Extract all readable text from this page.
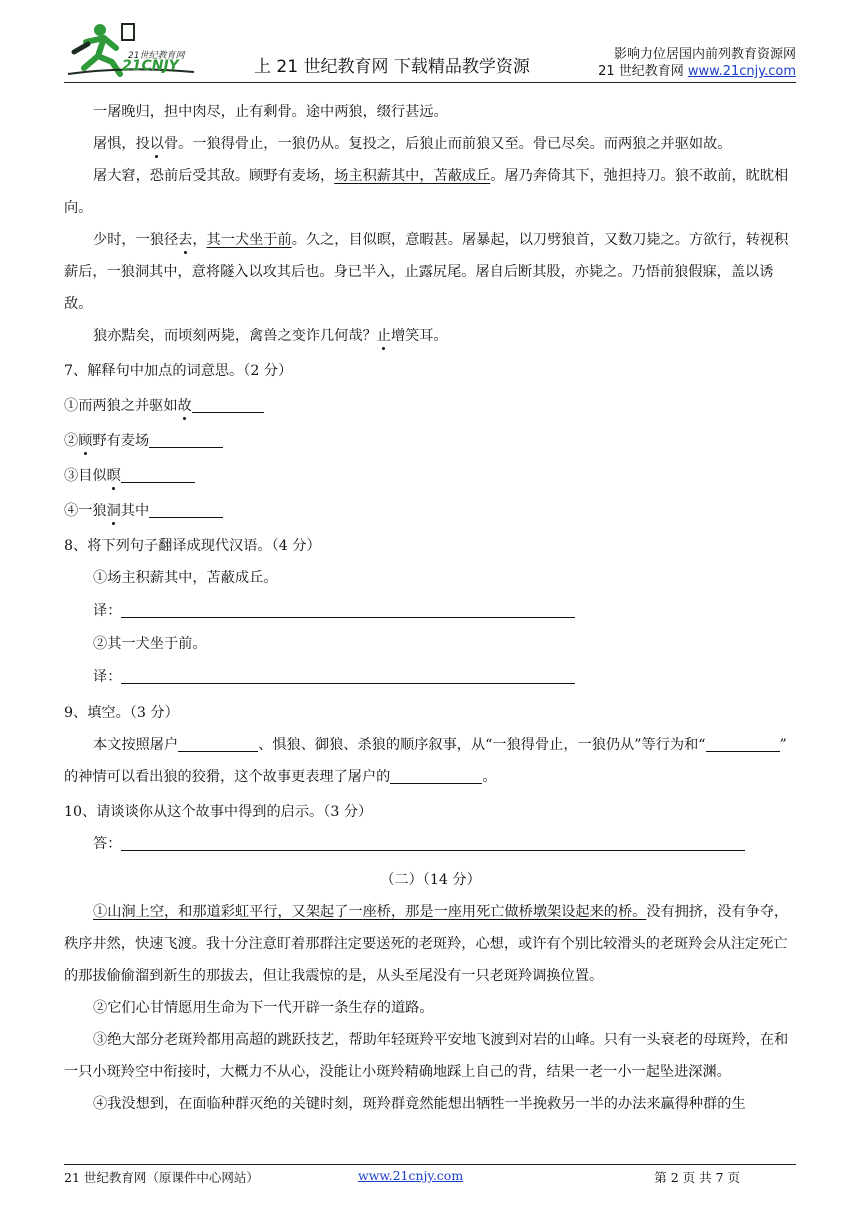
21世纪教育网
21CNJY	上 21 世纪教育网 下载精品教学资源
影响力位居国内前列教育资源网
21 世纪教育网 www.21cnjy.com
一屠晚归，担中肉尽，止有剩骨。途中两狼，缀行甚远。
屠惧，投以骨。一狼得骨止，一狼仍从。复投之，后狼止而前狼又至。骨已尽矣。而两狼之并驱如故。
屠大窘，恐前后受其敌。顾野有麦场，场主积薪其中，苫蔽成丘。屠乃奔倚其下，弛担持刀。狼不敢前，眈眈相向。
少时，一狼径去，其一犬坐于前。久之，目似瞑，意暇甚。屠暴起，以刀劈狼首，又数刀毙之。方欲行，转视积薪后，一狼洞其中，意将隧入以攻其后也。身已半入，止露尻尾。屠自后断其股，亦毙之。乃悟前狼假寐，盖以诱敌。
狼亦黠矣，而顷刻两毙，禽兽之变诈几何哉？止增笑耳。
7、解释句中加点的词意思。（2 分）
①而两狼之并驱如故
②顾野有麦场
③目似瞑
④一狼洞其中
8、将下列句子翻译成现代汉语。（4 分）
①场主积薪其中，苫蔽成丘。
译：
②其一犬坐于前。
译：
9、填空。（3 分）
本文按照屠户	、惧狼、御狼、杀狼的顺序叙事，从“一狼得骨止，一狼仍从”等行为和“	”
的神情可以看出狼的狡猾，这个故事更表理了屠户的	。
10、请谈谈你从这个故事中得到的启示。（3 分）
答：
（二）（14 分）
①山涧上空，和那道彩虹平行，又架起了一座桥，那是一座用死亡做桥墩架设起来的桥。没有拥挤，没有争夺，秩序井然，快速飞渡。我十分注意盯着那群注定要送死的老斑羚，心想，或许有个别比较滑头的老斑羚会从注定死亡的那拔偷偷溜到新生的那拔去，但让我震惊的是，从头至尾没有一只老斑羚调换位置。
②它们心甘情愿用生命为下一代开辟一条生存的道路。
③绝大部分老斑羚都用高超的跳跃技艺，帮助年轻斑羚平安地飞渡到对岩的山峰。只有一头衰老的母斑羚，在和一只小斑羚空中衔接时，大概力不从心，没能让小斑羚精确地踩上自己的背，结果一老一小一起坠进深渊。
④我没想到，在面临种群灭绝的关键时刻，斑羚群竟然能想出牺牲一半挽救另一半的办法来赢得种群的生
21 世纪教育网（原课件中心网站）	www.21cnjy.com	第 2 页 共 7 页
